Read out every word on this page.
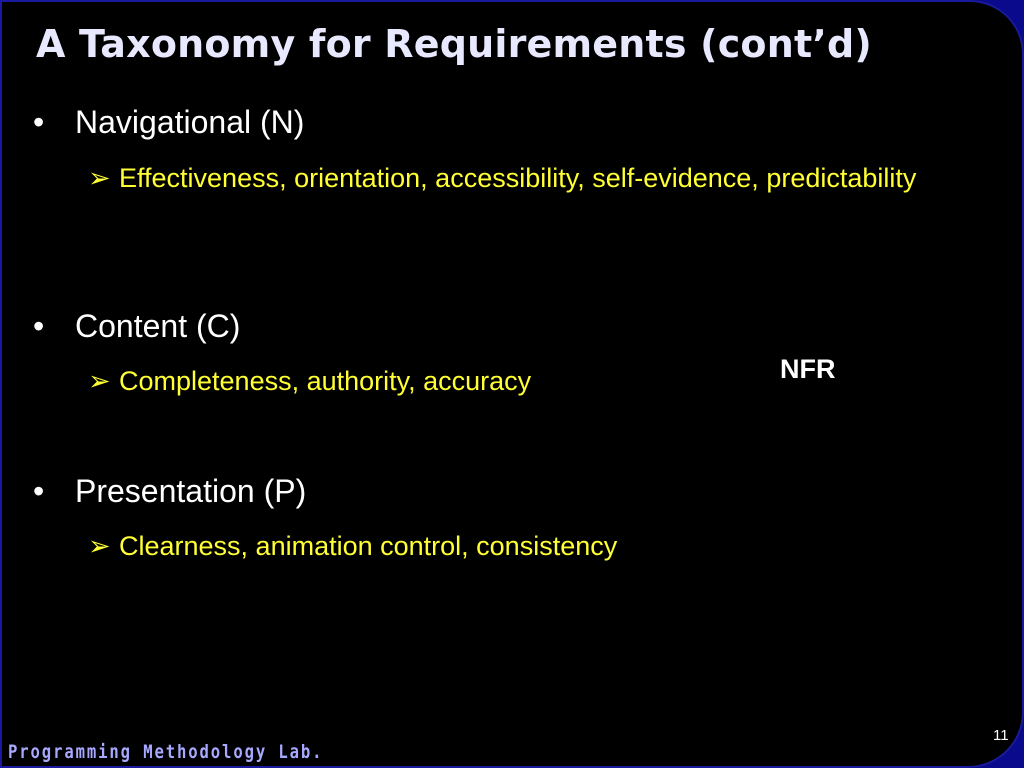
A Taxonomy for Requirements (cont’d)
• Navigational (N)
➢ Effectiveness, orientation, accessibility, self-evidence, predictability
• Content (C)
➢ Completeness, authority, accuracy	NFR
• Presentation (P)
➢ Clearness, animation control, consistency
Programming Methodology Lab.
11
